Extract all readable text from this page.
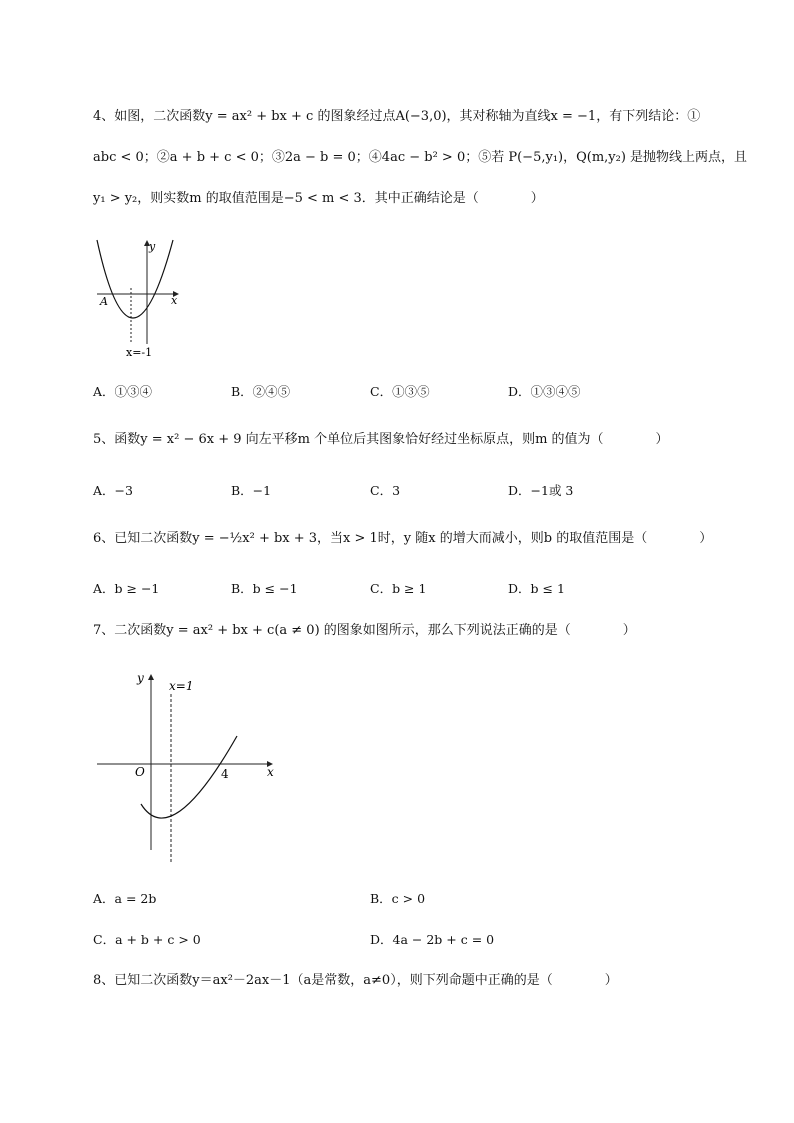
4、如图，二次函数y = ax² + bx + c 的图象经过点A(−3,0)，其对称轴为直线x = −1，有下列结论：①
abc < 0；②a + b + c < 0；③2a − b = 0；④4ac − b² > 0；⑤若 P(−5,y₁)，Q(m,y₂) 是抛物线上两点，且
y₁ > y₂，则实数m 的取值范围是−5 < m < 3．其中正确结论是（　　　　）
y
x
A
x=-1
A．①③④	B．②④⑤	C．①③⑤	D．①③④⑤
5、函数y = x² − 6x + 9 向左平移m 个单位后其图象恰好经过坐标原点，则m 的值为（　　　　）
A．−3	B．−1	C．3	D．−1或 3
6、已知二次函数y = −½x² + bx + 3，当x > 1时，y 随x 的增大而减小，则b 的取值范围是（　　　　）
A．b ≥ −1	B．b ≤ −1	C．b ≥ 1	D．b ≤ 1
7、二次函数y = ax² + bx + c(a ≠ 0) 的图象如图所示，那么下列说法正确的是（　　　　）
y
x
O	4
x=1
A．a = 2b	B．c > 0
C．a + b + c > 0	D．4a − 2b + c = 0
8、已知二次函数y＝ax²－2ax－1（a是常数，a≠0），则下列命题中正确的是（　　　　）
